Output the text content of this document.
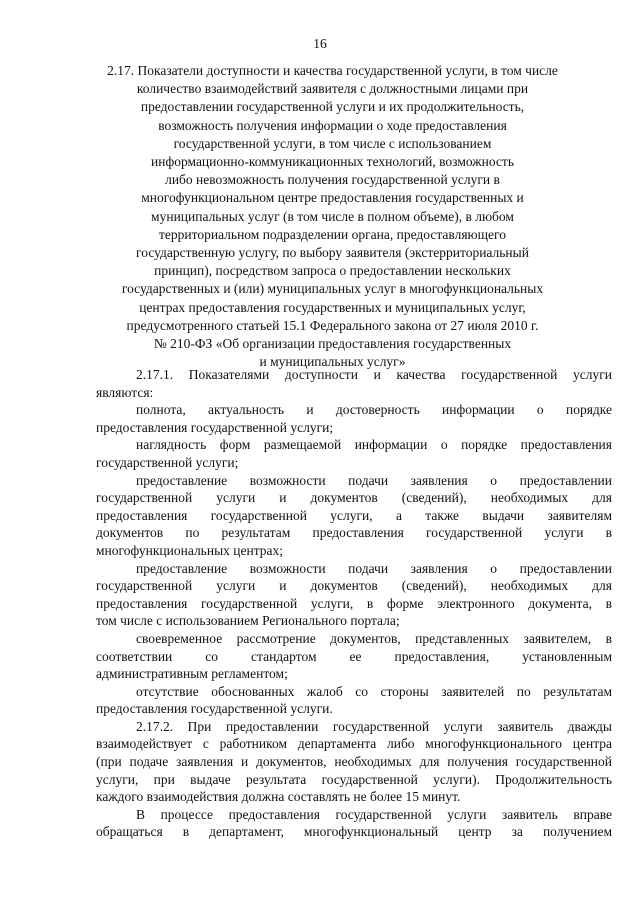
16
2.17. Показатели доступности и качества государственной услуги, в том числе
количество взаимодействий заявителя с должностными лицами при
предоставлении государственной услуги и их продолжительность,
возможность получения информации о ходе предоставления
государственной услуги, в том числе с использованием
информационно-коммуникационных технологий, возможность
либо невозможность получения государственной услуги в
многофункциональном центре предоставления государственных и
муниципальных услуг (в том числе в полном объеме), в любом
территориальном подразделении органа, предоставляющего
государственную услугу, по выбору заявителя (экстерриториальный
принцип), посредством запроса о предоставлении нескольких
государственных и (или) муниципальных услуг в многофункциональных
центрах предоставления государственных и муниципальных услуг,
предусмотренного статьей 15.1 Федерального закона от 27 июля 2010 г.
№ 210-ФЗ «Об организации предоставления государственных
и муниципальных услуг»
2.17.1. Показателями доступности и качества государственной услуги
являются:
полнота, актуальность и достоверность информации о порядке
предоставления государственной услуги;
наглядность форм размещаемой информации о порядке предоставления
государственной услуги;
предоставление возможности подачи заявления о предоставлении
государственной услуги и документов (сведений), необходимых для
предоставления государственной услуги, а также выдачи заявителям
документов по результатам предоставления государственной услуги в
многофункциональных центрах;
предоставление возможности подачи заявления о предоставлении
государственной услуги и документов (сведений), необходимых для
предоставления государственной услуги, в форме электронного документа, в
том числе с использованием Регионального портала;
своевременное рассмотрение документов, представленных заявителем, в
соответствии со стандартом ее предоставления, установленным
административным регламентом;
отсутствие обоснованных жалоб со стороны заявителей по результатам
предоставления государственной услуги.
2.17.2. При предоставлении государственной услуги заявитель дважды
взаимодействует с работником департамента либо многофункционального центра
(при подаче заявления и документов, необходимых для получения государственной
услуги, при выдаче результата государственной услуги). Продолжительность
каждого взаимодействия должна составлять не более 15 минут.
В процессе предоставления государственной услуги заявитель вправе
обращаться в департамент, многофункциональный центр за получением
